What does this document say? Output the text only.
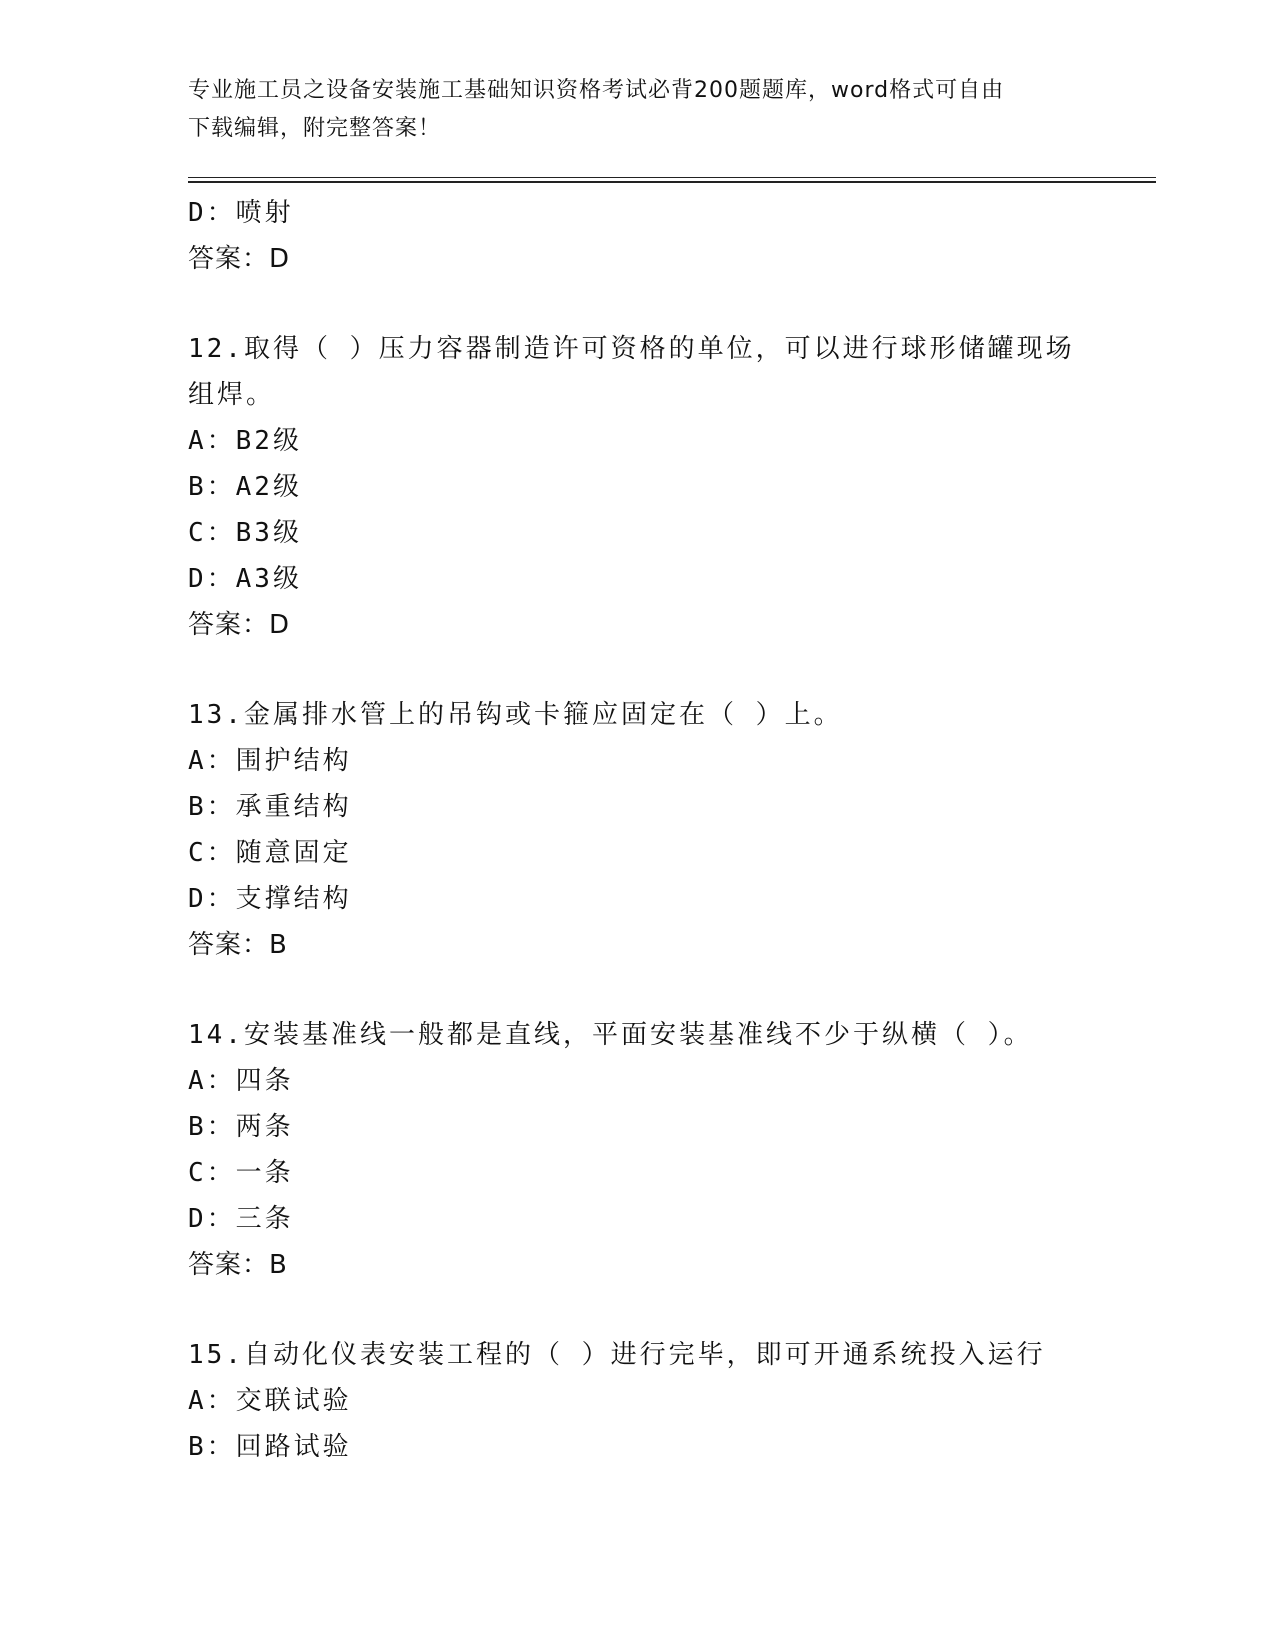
专业施工员之设备安装施工基础知识资格考试必背200题题库，word格式可自由
下载编辑，附完整答案！
D：喷射
答案：D
12.取得（ ）压力容器制造许可资格的单位，可以进行球形储罐现场
组焊。
A：B2级
B：A2级
C：B3级
D：A3级
答案：D
13.金属排水管上的吊钩或卡箍应固定在（ ）上。
A：围护结构
B：承重结构
C：随意固定
D：支撑结构
答案：B
14.安装基准线一般都是直线，平面安装基准线不少于纵横（ ）。
A：四条
B：两条
C：一条
D：三条
答案：B
15.自动化仪表安装工程的（ ）进行完毕，即可开通系统投入运行
A：交联试验
B：回路试验
